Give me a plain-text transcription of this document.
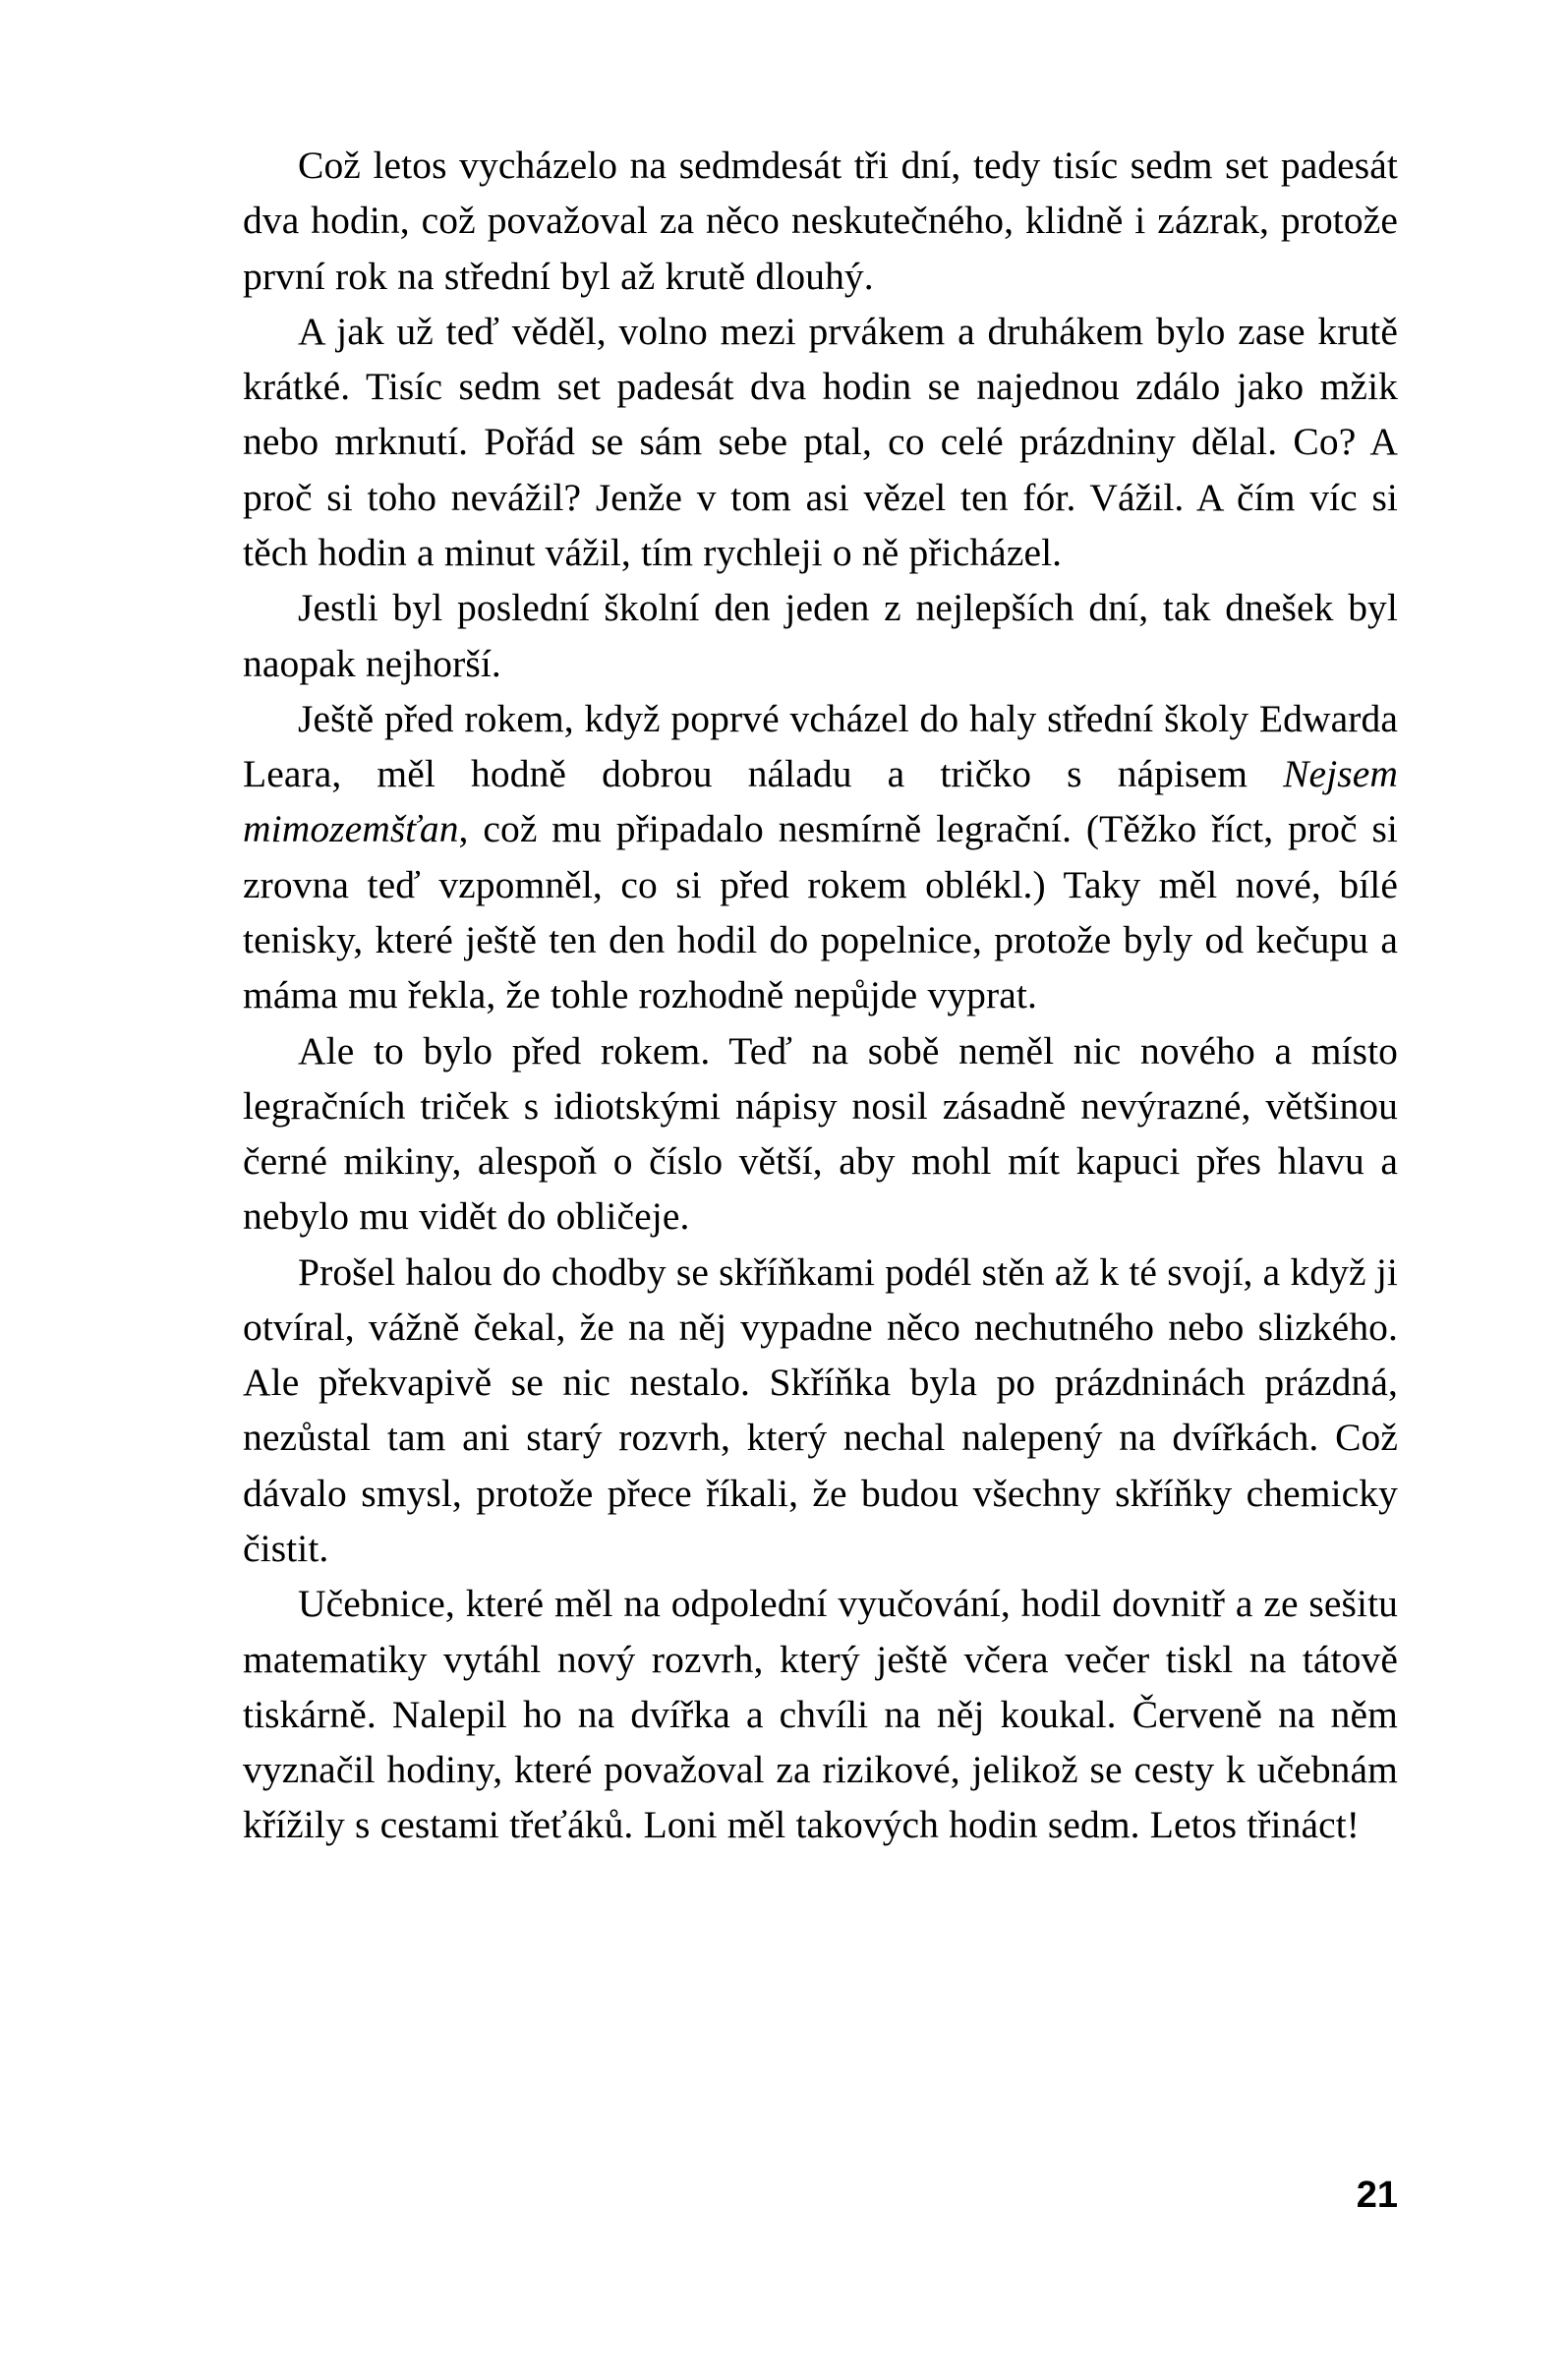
Což letos vycházelo na sedmdesát tři dní, tedy tisíc sedm set padesát dva hodin, což považoval za něco neskutečného, klidně i zázrak, protože první rok na střední byl až krutě dlouhý.

A jak už teď věděl, volno mezi prvákem a druhákem bylo zase krutě krátké. Tisíc sedm set padesát dva hodin se najednou zdálo jako mžik nebo mrknutí. Pořád se sám sebe ptal, co celé prázdniny dělal. Co? A proč si toho nevážil? Jenže v tom asi vězel ten fór. Vážil. A čím víc si těch hodin a minut vážil, tím rychleji o ně přicházel.

Jestli byl poslední školní den jeden z nejlepších dní, tak dnešek byl naopak nejhorší.

Ještě před rokem, když poprvé vcházel do haly střední školy Edwarda Leara, měl hodně dobrou náladu a tričko s nápisem Nejsem mimozemšťan, což mu připadalo nesmírně legrační. (Těžko říct, proč si zrovna teď vzpomněl, co si před rokem oblékl.) Taky měl nové, bílé tenisky, které ještě ten den hodil do popelnice, protože byly od kečupu a máma mu řekla, že tohle rozhodně nepůjde vyprat.

Ale to bylo před rokem. Teď na sobě neměl nic nového a místo legračních triček s idiotskými nápisy nosil zásadně nevýrazné, většinou černé mikiny, alespoň o číslo větší, aby mohl mít kapuci přes hlavu a nebylo mu vidět do obličeje.

Prošel halou do chodby se skříňkami podél stěn až k té svojí, a když ji otvíral, vážně čekal, že na něj vypadne něco nechutného nebo slizkého. Ale překvapivě se nic nestalo. Skříňka byla po prázdninách prázdná, nezůstal tam ani starý rozvrh, který nechal nalepený na dvířkách. Což dávalo smysl, protože přece říkali, že budou všechny skříňky chemicky čistit.

Učebnice, které měl na odpolední vyučování, hodil dovnitř a ze sešitu matematiky vytáhl nový rozvrh, který ještě včera večer tiskl na tátově tiskárně. Nalepil ho na dvířka a chvíli na něj koukal. Červeně na něm vyznačil hodiny, které považoval za rizikové, jelikož se cesty k učebnám křížily s cestami třeťáků. Loni měl takových hodin sedm. Letos třináct!

21
